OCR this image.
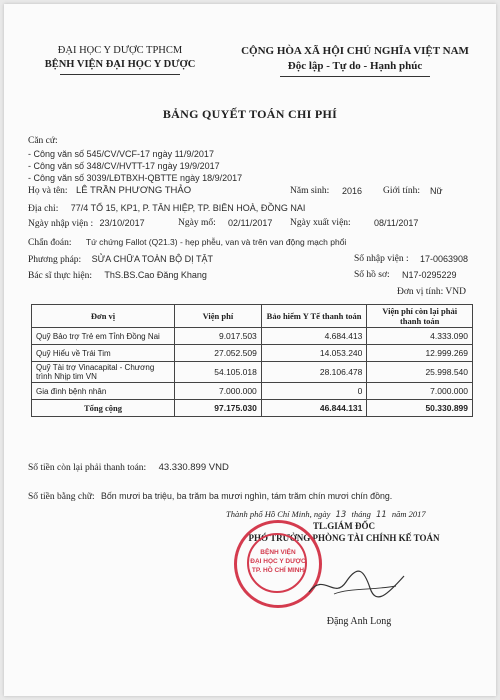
ĐẠI HỌC Y DƯỢC TPHCM
BỆNH VIỆN ĐẠI HỌC Y DƯỢC
CỘNG HÒA XÃ HỘI CHỦ NGHĨA VIỆT NAM
Độc lập - Tự do - Hạnh phúc
BẢNG QUYẾT TOÁN CHI PHÍ
Căn cứ:
- Công văn số 545/CV/VCF-17 ngày 11/9/2017
- Công văn số 348/CV/HVTT-17 ngày 19/9/2017
- Công văn số 3039/LĐTBXH-QBTTE ngày 18/9/2017
Họ và tên: LÊ TRẦN PHƯƠNG THẢO	Năm sinh: 2016 Giới tính: Nữ
Địa chỉ: 77/4 TỔ 15, KP1, P. TÂN HIỆP, TP. BIÊN HOÀ, ĐỒNG NAI
Ngày nhập viện : 23/10/2017	Ngày mổ: 02/11/2017 Ngày xuất viện:	08/11/2017
Chẩn đoán: Tứ chứng Fallot (Q21.3) - hẹp phễu, van và trên van động mạch phổi
Phương pháp: SỬA CHỮA TOÀN BỘ DỊ TẬT	Số nhập viện : 17-0063908
Bác sĩ thực hiện: ThS.BS.Cao Đăng Khang	Số hồ sơ: N17-0295229
Đơn vị tính: VND
Đơn vị	Viện phí	Bảo hiểm Y Tế thanh toán	Viện phí còn lại phải thanh toán
Quỹ Bảo trợ Trẻ em Tỉnh Đồng Nai	9.017.503	4.684.413	4.333.090
Quỹ Hiểu về Trái Tim	27.052.509	14.053.240	12.999.269
Quỹ Tài trợ Vinacapital - Chương trình Nhịp tim VN	54.105.018	28.106.478	25.998.540
Gia đình bệnh nhân	7.000.000	0	7.000.000
Tổng cộng	97.175.030	46.844.131	50.330.899
Số tiền còn lại phải thanh toán: 43.330.899 VND
Số tiền bằng chữ: Bốn mươi ba triệu, ba trăm ba mươi nghìn, tám trăm chín mươi chín đồng.
Thành phố Hồ Chí Minh, ngày 13 tháng 11 năm 2017
TL.GIÁM ĐỐC
PHÓ TRƯỞNG PHÒNG TÀI CHÍNH KẾ TOÁN
BỆNH VIỆN
ĐẠI HỌC Y DƯỢC
TP. HỒ CHÍ MINH
Đặng Anh Long
